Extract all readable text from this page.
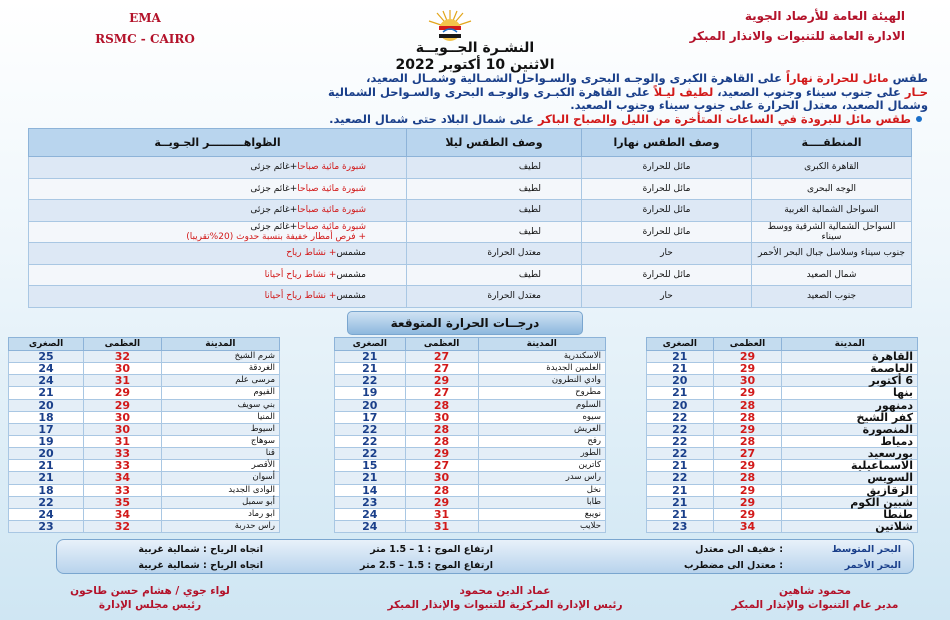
EMA
RSMC - CAIRO
الهيئة العامة للأرصاد الجوية
الادارة العامة للتنبوات والانذار المبكر
النشـرة الجــويــة
الاثنين 10 أكتوبر 2022
طقس مائل للحرارة نهاراً على القاهرة الكبرى والوجـه البحرى والسـواحل الشمـالية وشمـال الصعيد،
حـار على جنوب سيناء وجنوب الصعيد، لطيف ليـلاً على القاهرة الكبـرى والوجـه البحرى والسـواحل الشمالية
وشمال الصعيد، معتدل الحرارة على جنوب سيناء وجنوب الصعيد.
طقس مائل للبرودة في الساعات المتأخرة من الليل والصباح الباكر على شمال البلاد حتى شمال الصعيد.
المنطقــــة	وصف الطقس نهارا	وصف الطقس ليلا	الظواهـــــــــر الجـويــة
القاهرة الكبرى	مائل للحرارة	لطيف	شبورة مائية صباحا+غائم جزئى

الوجه البحرى	مائل للحرارة	لطيف	شبورة مائية صباحا+غائم جزئى

السواحل الشمالية الغربية	مائل للحرارة	لطيف	شبورة مائية صباحا+غائم جزئى

السواحل الشمالية الشرقية ووسط سيناء	مائل للحرارة	لطيف	شبورة مائية صباحا+غائم جزئى
+ فرص أمطار خفيفة بنسبة حدوث (20%تقريبا)

جنوب سيناء وسلاسل جبال البحر الأحمر	حار	معتدل الحرارة	مشمس+ نشاط رياح

شمال الصعيد	مائل للحرارة	لطيف	مشمس+ نشاط رياح أحيانا

جنوب الصعيد	حار	معتدل الحرارة	مشمس+ نشاط رياح أحيانا
درجــات الحرارة المتوقعة
المدينة	العظمى	الصغرى
القاهرة	29	21
العاصمة	29	21
6 أكتوبر	30	20
بنها	29	21
دمنهور	28	20
كفر الشيخ	28	22
المنصورة	29	22
دمياط	28	22
بورسعيد	27	22
الاسماعيلية	29	21
السويس	28	22
الزقازيق	29	21
شبين الكوم	29	21
طنطا	29	21
شلاتين	34	23
المدينة	العظمى	الصغرى
الاسكندرية	27	21
العلمين الجديدة	27	21
وادي النطرون	29	22
مطروح	27	19
السلوم	28	20
سيوه	30	17
العريش	28	22
رفح	28	22
الطور	29	22
كاترين	27	15
راس سدر	30	21
نخل	28	14
طابا	29	23
نويبع	31	24
حلايب	31	24
المدينة	العظمى	الصغرى
شرم الشيخ	32	25
الغردقة	30	24
مرسى علم	31	24
الفيوم	29	21
بني سويف	29	20
المنيا	30	18
اسيوط	30	17
سوهاج	31	19
قنا	33	20
الأقصر	33	21
أسوان	34	21
الوادى الجديد	33	18
أبو سمبل	35	22
ابو رماد	34	24
راس حدربة	32	23
البحر المتوسط
: خفيف الى معتدل
ارتفاع الموج : 1 – 1.5 متر
اتجاه الرياح : شمالية غربية
البحر الأحمر
: معتدل الى مضطرب
ارتفاع الموج : 1.5 – 2.5 متر
اتجاه الرياح : شمالية غربية
محمود شاهين
مدير عام التنبوات والإنذار المبكر
عماد الدين محمود
رئيس الإدارة المركزية للتنبوات والإنذار المبكر
لواء جوي / هشام حسن طاحون
رئيس مجلس الإدارة
